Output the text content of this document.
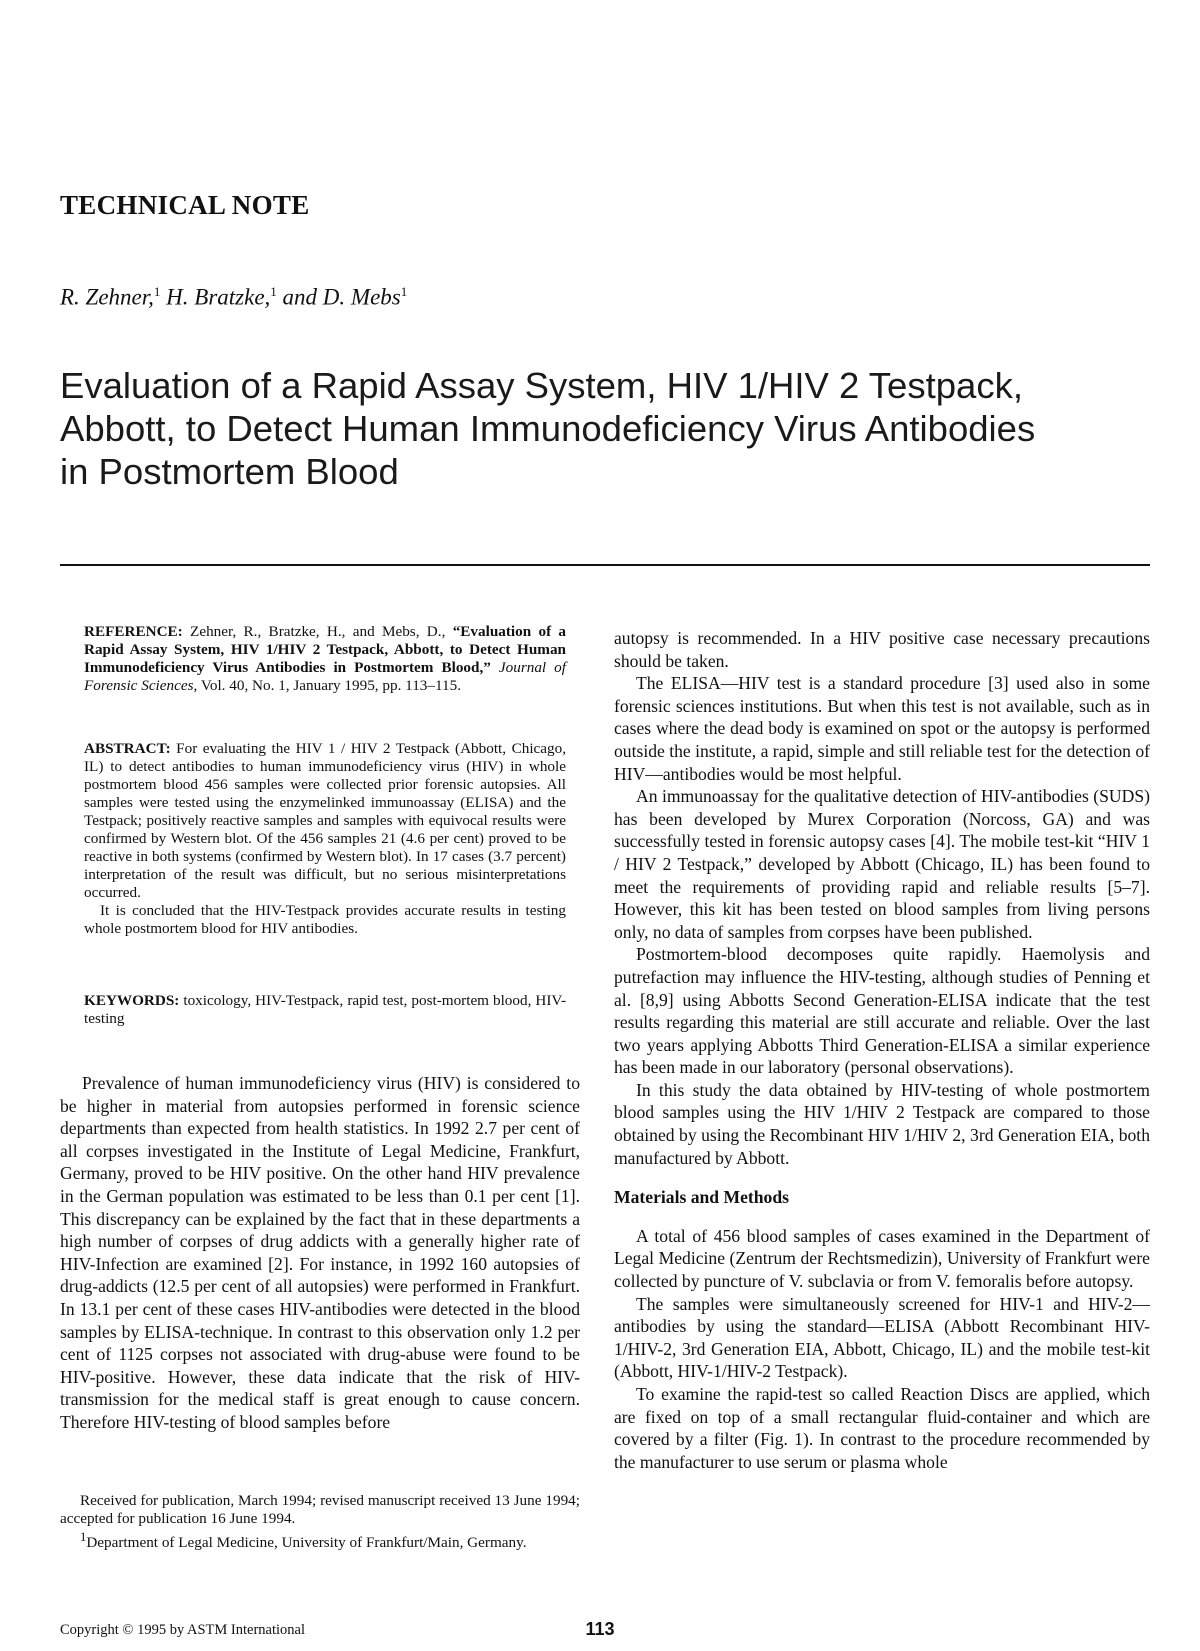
TECHNICAL NOTE
R. Zehner,$^1$ H. Bratzke,$^1$ and D. Mebs$^1$
Evaluation of a Rapid Assay System, HIV 1/HIV 2 Testpack,
Abbott, to Detect Human Immunodeficiency Virus Antibodies
in Postmortem Blood

REFERENCE: Zehner, R., Bratzke, H., and Mebs, D., “Evaluation of a Rapid Assay System, HIV 1/HIV 2 Testpack, Abbott, to Detect Human Immunodeficiency Virus Antibodies in Postmortem Blood,” Journal of Forensic Sciences, Vol. 40, No. 1, January 1995, pp. 113–115.

ABSTRACT: For evaluating the HIV 1 / HIV 2 Testpack (Abbott, Chicago, IL) to detect antibodies to human immunodeficiency virus (HIV) in whole postmortem blood 456 samples were collected prior forensic autopsies. All samples were tested using the enzymelinked immunoassay (ELISA) and the Testpack; positively reactive samples and samples with equivocal results were confirmed by Western blot. Of the 456 samples 21 (4.6 per cent) proved to be reactive in both systems (confirmed by Western blot). In 17 cases (3.7 percent) interpretation of the result was difficult, but no serious misinterpretations occurred.

It is concluded that the HIV-Testpack provides accurate results in testing whole postmortem blood for HIV antibodies.

KEYWORDS: toxicology, HIV-Testpack, rapid test, post-mortem blood, HIV-testing

Prevalence of human immunodeficiency virus (HIV) is considered to be higher in material from autopsies performed in forensic science departments than expected from health statistics. In 1992 2.7 per cent of all corpses investigated in the Institute of Legal Medicine, Frankfurt, Germany, proved to be HIV positive. On the other hand HIV prevalence in the German population was estimated to be less than 0.1 per cent [1]. This discrepancy can be explained by the fact that in these departments a high number of corpses of drug addicts with a generally higher rate of HIV-Infection are examined [2]. For instance, in 1992 160 autopsies of drug-addicts (12.5 per cent of all autopsies) were performed in Frankfurt. In 13.1 per cent of these cases HIV-antibodies were detected in the blood samples by ELISA-technique. In contrast to this observation only 1.2 per cent of 1125 corpses not associated with drug-abuse were found to be HIV-positive. However, these data indicate that the risk of HIV-transmission for the medical staff is great enough to cause concern. Therefore HIV-testing of blood samples before

Received for publication, March 1994; revised manuscript received 13 June 1994; accepted for publication 16 June 1994.

$^1$Department of Legal Medicine, University of Frankfurt/Main, Germany.

autopsy is recommended. In a HIV positive case necessary precautions should be taken.

The ELISA—HIV test is a standard procedure [3] used also in some forensic sciences institutions. But when this test is not available, such as in cases where the dead body is examined on spot or the autopsy is performed outside the institute, a rapid, simple and still reliable test for the detection of HIV—antibodies would be most helpful.

An immunoassay for the qualitative detection of HIV-antibodies (SUDS) has been developed by Murex Corporation (Norcoss, GA) and was successfully tested in forensic autopsy cases [4]. The mobile test-kit “HIV 1 / HIV 2 Testpack,” developed by Abbott (Chicago, IL) has been found to meet the requirements of providing rapid and reliable results [5–7]. However, this kit has been tested on blood samples from living persons only, no data of samples from corpses have been published.

Postmortem-blood decomposes quite rapidly. Haemolysis and putrefaction may influence the HIV-testing, although studies of Penning et al. [8,9] using Abbotts Second Generation-ELISA indicate that the test results regarding this material are still accurate and reliable. Over the last two years applying Abbotts Third Generation-ELISA a similar experience has been made in our laboratory (personal observations).

In this study the data obtained by HIV-testing of whole postmortem blood samples using the HIV 1/HIV 2 Testpack are compared to those obtained by using the Recombinant HIV 1/HIV 2, 3rd Generation EIA, both manufactured by Abbott.

Materials and Methods

A total of 456 blood samples of cases examined in the Department of Legal Medicine (Zentrum der Rechtsmedizin), University of Frankfurt were collected by puncture of V. subclavia or from V. femoralis before autopsy.

The samples were simultaneously screened for HIV-1 and HIV-2—antibodies by using the standard—ELISA (Abbott Recombinant HIV-1/HIV-2, 3rd Generation EIA, Abbott, Chicago, IL) and the mobile test-kit (Abbott, HIV-1/HIV-2 Testpack).

To examine the rapid-test so called Reaction Discs are applied, which are fixed on top of a small rectangular fluid-container and which are covered by a filter (Fig. 1). In contrast to the procedure recommended by the manufacturer to use serum or plasma whole

Copyright © 1995 by ASTM International	113
